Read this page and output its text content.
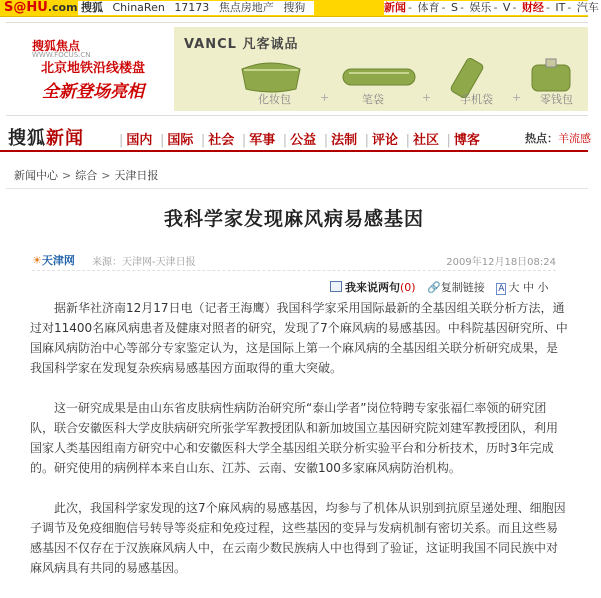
S@HU.com 搜狐 ChinaRen 17173 焦点房地产 搜狗	新闻 - 体育 - S - 娱乐 - V - 财经 - IT - 汽车
搜狐焦点
WWW.FOCUS.CN
北京地铁沿线楼盘
全新登场亮相
VANCL 凡客诚品
化妆包	+	笔袋	+	手机袋 + 零钱包
搜狐新闻	| 国内 | 国际 | 社会 | 军事 | 公益 | 法制 | 评论 | 社区 | 博客	热点：羊流感
新闻中心 > 综合 > 天津日报
我科学家发现麻风病易感基因
☀天津网 来源：天津网-天津日报	2009年12月18日08:24
我来说两句(0) 🔗复制链接 A 大 中 小

据新华社济南12月17日电（记者王海鹰）我国科学家采用国际最新的全基因组关联分析方法，通过对11400名麻风病患者及健康对照者的研究，发现了7个麻风病的易感基因。中科院基因研究所、中国麻风病防治中心等部分专家鉴定认为，这是国际上第一个麻风病的全基因组关联分析研究成果，是我国科学家在发现复杂疾病易感基因方面取得的重大突破。

这一研究成果是由山东省皮肤病性病防治研究所“泰山学者”岗位特聘专家张福仁率领的研究团队，联合安徽医科大学皮肤病研究所张学军教授团队和新加坡国立基因研究院刘建军教授团队，利用国家人类基因组南方研究中心和安徽医科大学全基因组关联分析实验平台和分析技术，历时3年完成的。研究使用的病例样本来自山东、江苏、云南、安徽100多家麻风病防治机构。

此次，我国科学家发现的这7个麻风病的易感基因，均参与了机体从识别到抗原呈递处理、细胞因子调节及免疫细胞信号转导等炎症和免疫过程，这些基因的变异与发病机制有密切关系。而且这些易感基因不仅存在于汉族麻风病人中，在云南少数民族病人中也得到了验证，这证明我国不同民族中对麻风病具有共同的易感基因。
